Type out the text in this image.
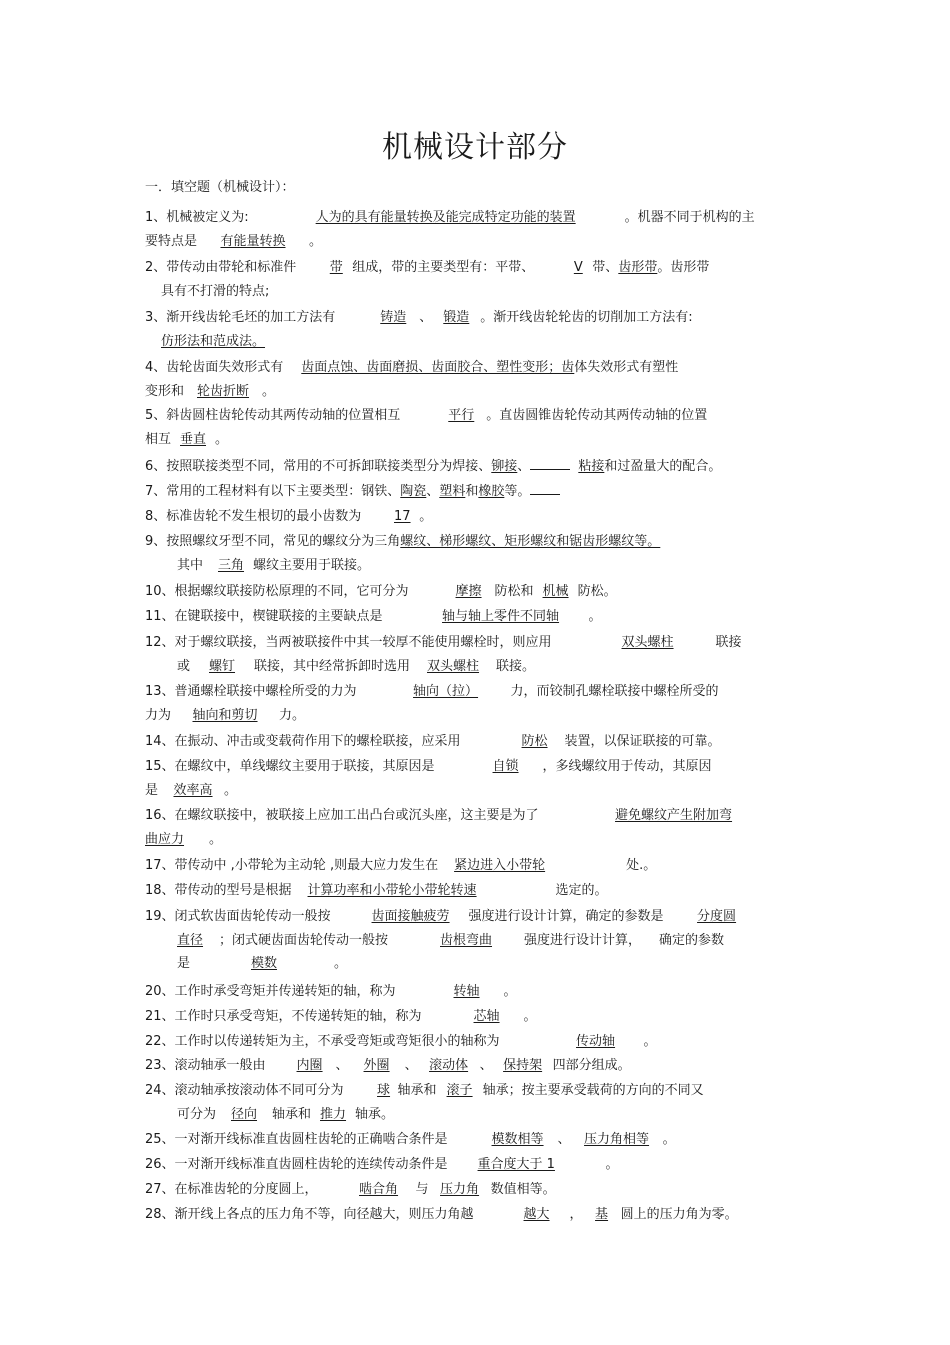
机械设计部分
一．填空题（机械设计）：
1、机械被定义为:	人为的具有能量转换及能完成特定功能的装置	。机器不同于机构的主
要特点是 有能量转换 。
2、带传动由带轮和标准件	带 组成，带的主要类型有：平带、	V 带、齿形带。齿形带
具有不打滑的特点;
3、渐开线齿轮毛坯的加工方法有	铸造 、 锻造 。渐开线齿轮轮齿的切削加工方法有:
仿形法和范成法。
4、齿轮齿面失效形式有 齿面点蚀、齿面磨损、齿面胶合、塑性变形；齿体失效形式有塑性
变形和 轮齿折断 。
5、斜齿圆柱齿轮传动其两传动轴的位置相互	平行 。直齿圆锥齿轮传动其两传动轴的位置
相互 垂直 。
6、按照联接类型不同，常用的不可拆卸联接类型分为焊接、铆接、	粘接和过盈量大的配合。
7、常用的工程材料有以下主要类型：钢铁、陶瓷、塑料和橡胶等。
8、标准齿轮不发生根切的最小齿数为	17 。
9、按照螺纹牙型不同，常见的螺纹分为三角螺纹、梯形螺纹、矩形螺纹和锯齿形螺纹等。
其中 三角 螺纹主要用于联接。
10、根据螺纹联接防松原理的不同，它可分为	摩擦 防松和 机械 防松。
11、在键联接中，楔键联接的主要缺点是	轴与轴上零件不同轴 。
12、对于螺纹联接，当两被联接件中其一较厚不能使用螺栓时，则应用	双头螺柱	联接
或 螺钉 联接，其中经常拆卸时选用 双头螺柱 联接。
13、普通螺栓联接中螺栓所受的力为	轴向（拉）	力，而铰制孔螺栓联接中螺栓所受的
力为 轴向和剪切 力。
14、在振动、冲击或变载荷作用下的螺栓联接，应采用	防松 装置，以保证联接的可靠。
15、在螺纹中，单线螺纹主要用于联接，其原因是	自锁 ，多线螺纹用于传动，其原因
是 效率高 。
16、在螺纹联接中，被联接上应加工出凸台或沉头座，这主要是为了	避免螺纹产生附加弯
曲应力 。
17、带传动中 ,小带轮为主动轮 ,则最大应力发生在 紧边进入小带轮	处.。
18、带传动的型号是根据 计算功率和小带轮小带轮转速	选定的。
19、闭式软齿面齿轮传动一般按	齿面接触疲劳 强度进行设计计算，确定的参数是	分度圆
直径 ；闭式硬齿面齿轮传动一般按	齿根弯曲 强度进行设计计算， 确定的参数
是	模数	。
20、工作时承受弯矩并传递转矩的轴，称为	转轴 。
21、工作时只承受弯矩，不传递转矩的轴，称为	芯轴 。
22、工作时以传递转矩为主，不承受弯矩或弯矩很小的轴称为	传动轴 。
23、滚动轴承一般由 内圈 、 外圈 、 滚动体 、 保持架 四部分组成。
24、滚动轴承按滚动体不同可分为	球 轴承和 滚子 轴承；按主要承受载荷的方向的不同又
可分为 径向 轴承和 推力 轴承。
25、一对渐开线标准直齿圆柱齿轮的正确啮合条件是	模数相等 、 压力角相等 。
26、一对渐开线标准直齿圆柱齿轮的连续传动条件是 重合度大于 1	。
27、在标准齿轮的分度圆上，	啮合角 与 压力角 数值相等。
28、渐开线上各点的压力角不等，向径越大，则压力角越	越大 ， 基 圆上的压力角为零。
